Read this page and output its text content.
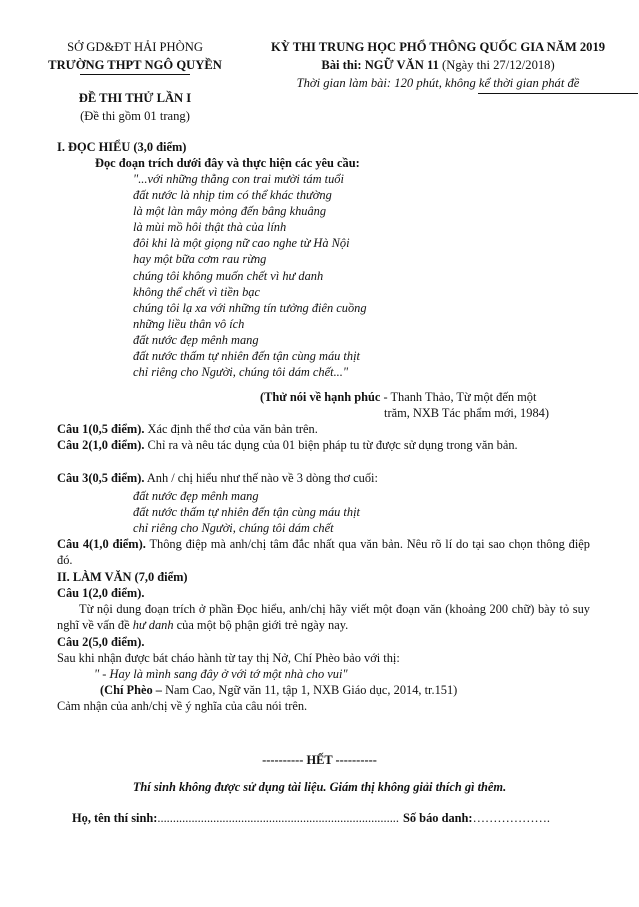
SỞ GD&ĐT HẢI PHÒNG
TRƯỜNG THPT NGÔ QUYỀN
ĐỀ THI THỬ LẦN I
(Đề thi gồm 01 trang)
KỲ THI TRUNG HỌC PHỔ THÔNG QUỐC GIA NĂM 2019
Bài thi: NGỮ VĂN 11 (Ngày thi 27/12/2018)
Thời gian làm bài: 120 phút, không kể thời gian phát đề
I. ĐỌC HIỂU (3,0 điểm)
Đọc đoạn trích dưới đây và thực hiện các yêu cầu:
"...với những thằng con trai mười tám tuổi
đất nước là nhịp tim có thể khác thường
là một làn mây mỏng đến bâng khuâng
là mùi mồ hôi thật thà của lính
đôi khi là một giọng nữ cao nghe từ Hà Nội
hay một bữa cơm rau rừng
chúng tôi không muốn chết vì hư danh
không thể chết vì tiền bạc
chúng tôi lạ xa với những tín tưởng điên cuồng
những liều thân vô ích
đất nước đẹp mênh mang
đất nước thấm tự nhiên đến tận cùng máu thịt
chỉ riêng cho Người, chúng tôi dám chết..."
(Thử nói về hạnh phúc - Thanh Thảo, Từ một đến một
trăm, NXB Tác phẩm mới, 1984)
Câu 1(0,5 điểm). Xác định thể thơ của văn bản trên.
Câu 2(1,0 điểm). Chỉ ra và nêu tác dụng của 01 biện pháp tu từ được sử dụng trong văn bản.
Câu 3(0,5 điểm). Anh / chị hiểu như thế nào về 3 dòng thơ cuối:
đất nước đẹp mênh mang
đất nước thấm tự nhiên đến tận cùng máu thịt
chỉ riêng cho Người, chúng tôi dám chết
Câu 4(1,0 điểm). Thông điệp mà anh/chị tâm đắc nhất qua văn bản. Nêu rõ lí do tại sao chọn thông điệp đó.
II. LÀM VĂN (7,0 điểm)
Câu 1(2,0 điểm).
Từ nội dung đoạn trích ở phần Đọc hiểu, anh/chị hãy viết một đoạn văn (khoảng 200 chữ) bày tỏ suy nghĩ về vấn đề hư danh của một bộ phận giới trẻ ngày nay.
Câu 2(5,0 điểm).
Sau khi nhận được bát cháo hành từ tay thị Nở, Chí Phèo bảo với thị:
" - Hay là mình sang đây ở với tớ một nhà cho vui"
(Chí Phèo – Nam Cao, Ngữ văn 11, tập 1, NXB Giáo dục, 2014, tr.151)
Cảm nhận của anh/chị về ý nghĩa của câu nói trên.
---------- HẾT ----------
Thí sinh không được sử dụng tài liệu. Giám thị không giải thích gì thêm.
Họ, tên thí sinh:.............................................................................. Số báo danh:……………….
